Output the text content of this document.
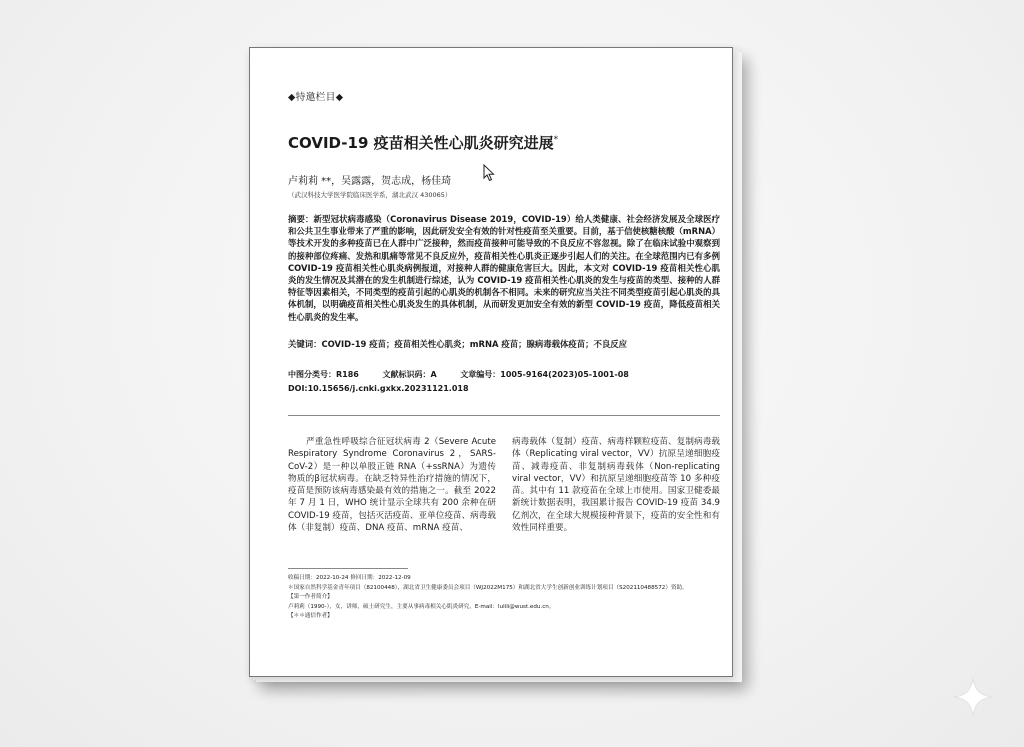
◆特邀栏目◆
COVID-19 疫苗相关性心肌炎研究进展*
卢莉莉 **，吴露露，贺志成，杨佳琦
（武汉科技大学医学院临床医学系，湖北武汉 430065）
摘要：新型冠状病毒感染（Coronavirus Disease 2019，COVID-19）给人类健康、社会经济发展及全球医疗和公共卫生事业带来了严重的影响，因此研发安全有效的针对性疫苗至关重要。目前，基于信使核糖核酸（mRNA）等技术开发的多种疫苗已在人群中广泛接种，然而疫苗接种可能导致的不良反应不容忽视。除了在临床试验中观察到的接种部位疼痛、发热和肌痛等常见不良反应外，疫苗相关性心肌炎正逐步引起人们的关注。在全球范围内已有多例 COVID-19 疫苗相关性心肌炎病例报道，对接种人群的健康危害巨大。因此，本文对 COVID-19 疫苗相关性心肌炎的发生情况及其潜在的发生机制进行综述，认为 COVID-19 疫苗相关性心肌炎的发生与疫苗的类型、接种的人群特征等因素相关，不同类型的疫苗引起的心肌炎的机制各不相同。未来的研究应当关注不同类型疫苗引起心肌炎的具体机制，以明确疫苗相关性心肌炎发生的具体机制，从而研发更加安全有效的新型 COVID-19 疫苗，降低疫苗相关性心肌炎的发生率。
关键词：COVID-19 疫苗；疫苗相关性心肌炎；mRNA 疫苗；腺病毒载体疫苗；不良反应
中图分类号：R186	文献标识码：A	文章编号：1005-9164(2023)05-1001-08
DOI:10.15656/j.cnki.gxkx.20231121.018
严重急性呼吸综合征冠状病毒 2（Severe Acute Respiratory Syndrome Coronavirus 2，SARS-CoV-2）是一种以单股正链 RNA（+ssRNA）为遗传物质的β冠状病毒。在缺乏特异性治疗措施的情况下，疫苗是预防该病毒感染最有效的措施之一。截至 2022 年 7 月 1 日，WHO 统计显示全球共有 200 余种在研 COVID-19 疫苗，包括灭活疫苗、亚单位疫苗、病毒载体（非复制）疫苗、DNA 疫苗、mRNA 疫苗、
病毒载体（复制）疫苗、病毒样颗粒疫苗、复制病毒载体（Replicating viral vector，VV）抗原呈递细胞疫苗、减毒疫苗、非复制病毒载体（Non-replicating viral vector，VV）和抗原呈递细胞疫苗等 10 多种疫苗。其中有 11 款疫苗在全球上市使用。国家卫健委最新统计数据表明，我国累计报告 COVID-19 疫苗 34.9 亿剂次，在全球大规模接种背景下，疫苗的安全性和有效性同样重要。
收稿日期：2022-10-24 修回日期：2022-12-09
＊国家自然科学基金青年项目（82100448），湖北省卫生健康委员会项目（WJ2022M175）和湖北省大学生创新创业训练计划项目（S202110488572）资助。
【第一作者简介】
卢莉莉（1990-），女，讲师，硕士研究生，主要从事病毒相关心肌炎研究，E-mail：lulili@wust.edu.cn。
【＊＊通信作者】
